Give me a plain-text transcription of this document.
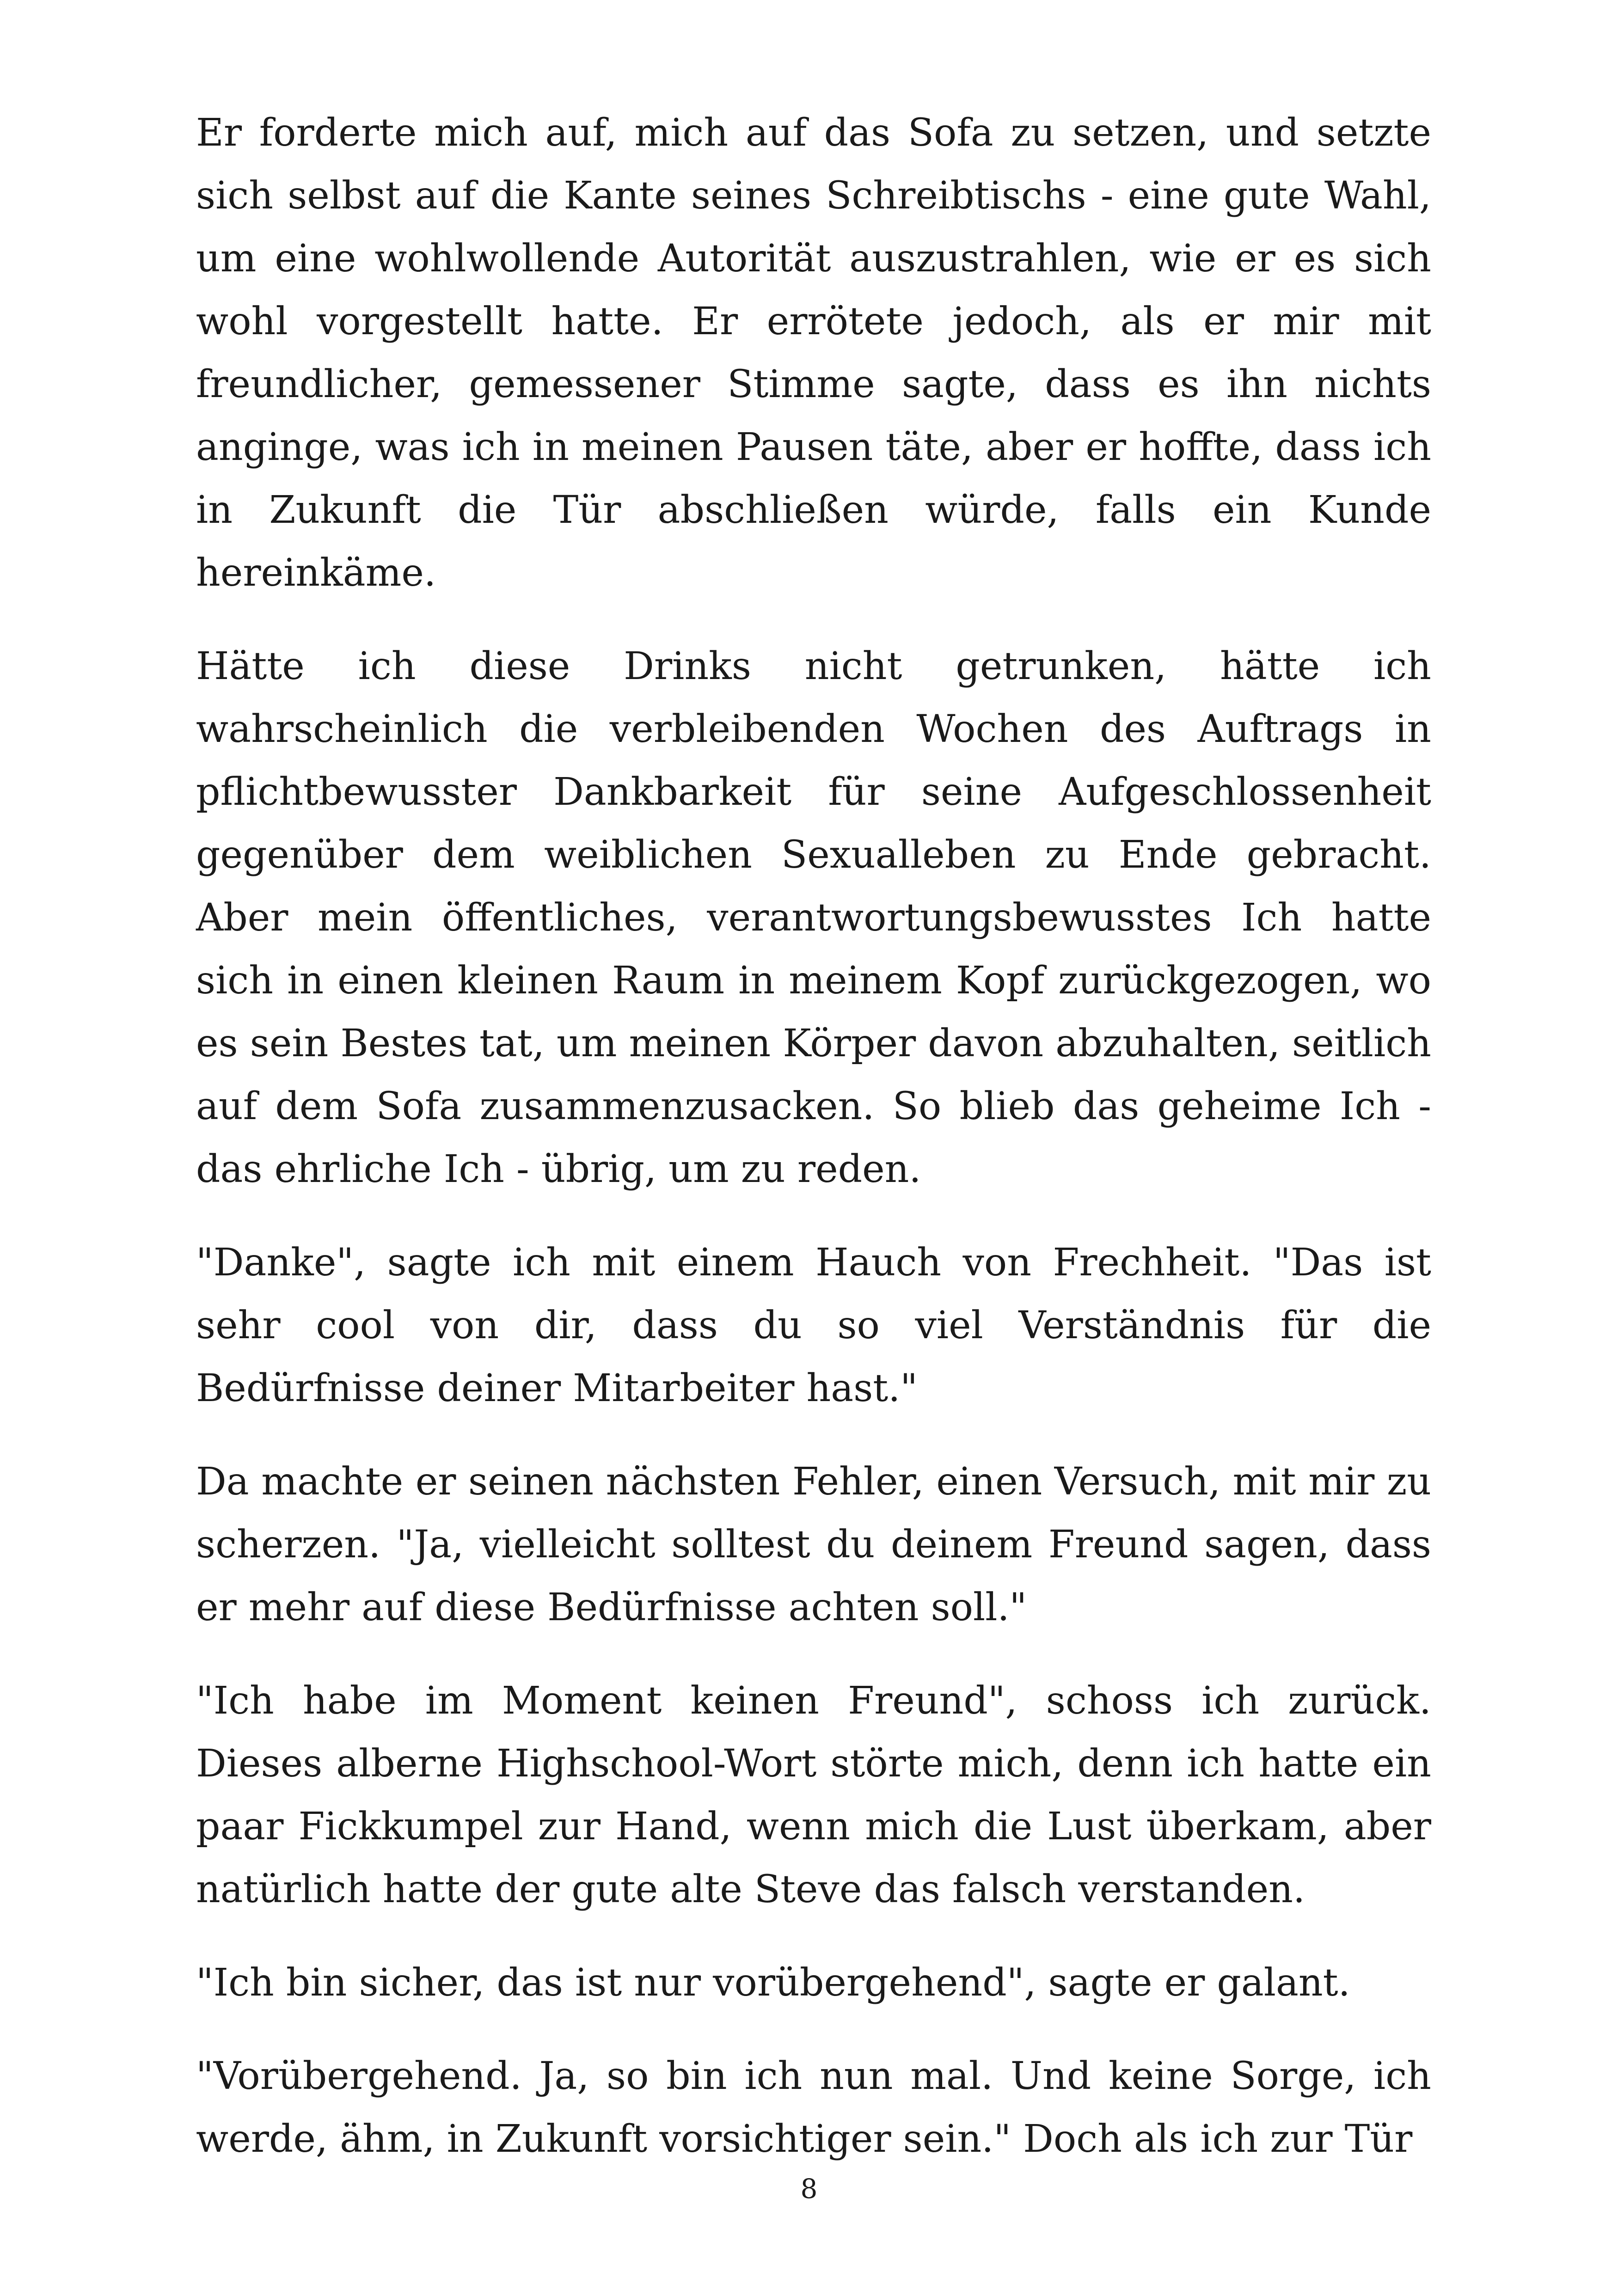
Er forderte mich auf, mich auf das Sofa zu setzen, und setzte sich selbst auf die Kante seines Schreibtischs - eine gute Wahl, um eine wohlwollende Autorität auszustrahlen, wie er es sich wohl vorgestellt hatte. Er errötete jedoch, als er mir mit freundlicher, gemessener Stimme sagte, dass es ihn nichts anginge, was ich in meinen Pausen täte, aber er hoffte, dass ich in Zukunft die Tür abschließen würde, falls ein Kunde hereinkäme.

Hätte ich diese Drinks nicht getrunken, hätte ich wahrscheinlich die verbleibenden Wochen des Auftrags in pflichtbewusster Dankbarkeit für seine Aufgeschlossenheit gegenüber dem weiblichen Sexualleben zu Ende gebracht. Aber mein öffentliches, verantwortungsbewusstes Ich hatte sich in einen kleinen Raum in meinem Kopf zurückgezogen, wo es sein Bestes tat, um meinen Körper davon abzuhalten, seitlich auf dem Sofa zusammenzusacken. So blieb das geheime Ich - das ehrliche Ich - übrig, um zu reden.

"Danke", sagte ich mit einem Hauch von Frechheit. "Das ist sehr cool von dir, dass du so viel Verständnis für die Bedürfnisse deiner Mitarbeiter hast."

Da machte er seinen nächsten Fehler, einen Versuch, mit mir zu scherzen. "Ja, vielleicht solltest du deinem Freund sagen, dass er mehr auf diese Bedürfnisse achten soll."

"Ich habe im Moment keinen Freund", schoss ich zurück. Dieses alberne Highschool-Wort störte mich, denn ich hatte ein paar Fickkumpel zur Hand, wenn mich die Lust überkam, aber natürlich hatte der gute alte Steve das falsch verstanden.

"Ich bin sicher, das ist nur vorübergehend", sagte er galant.

"Vorübergehend. Ja, so bin ich nun mal. Und keine Sorge, ich werde, ähm, in Zukunft vorsichtiger sein." Doch als ich zur Tür

8
